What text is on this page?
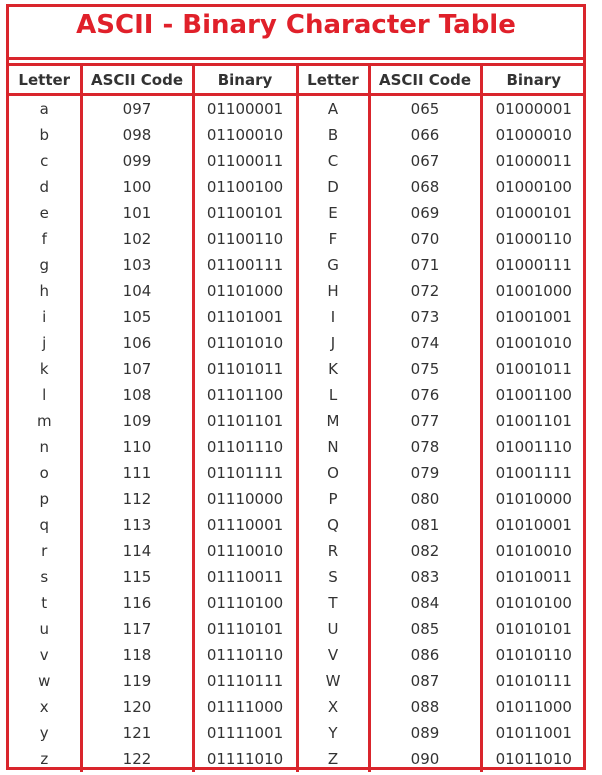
ASCII - Binary Character Table
Letter	ASCII Code	Binary	Letter	ASCII Code	Binary
a	097	01100001	A	065	01000001
b	098	01100010	B	066	01000010
c	099	01100011	C	067	01000011
d	100	01100100	D	068	01000100
e	101	01100101	E	069	01000101
f	102	01100110	F	070	01000110
g	103	01100111	G	071	01000111
h	104	01101000	H	072	01001000
i	105	01101001	I	073	01001001
j	106	01101010	J	074	01001010
k	107	01101011	K	075	01001011
l	108	01101100	L	076	01001100
m	109	01101101	M	077	01001101
n	110	01101110	N	078	01001110
o	111	01101111	O	079	01001111
p	112	01110000	P	080	01010000
q	113	01110001	Q	081	01010001
r	114	01110010	R	082	01010010
s	115	01110011	S	083	01010011
t	116	01110100	T	084	01010100
u	117	01110101	U	085	01010101
v	118	01110110	V	086	01010110
w	119	01110111	W	087	01010111
x	120	01111000	X	088	01011000
y	121	01111001	Y	089	01011001
z	122	01111010	Z	090	01011010
